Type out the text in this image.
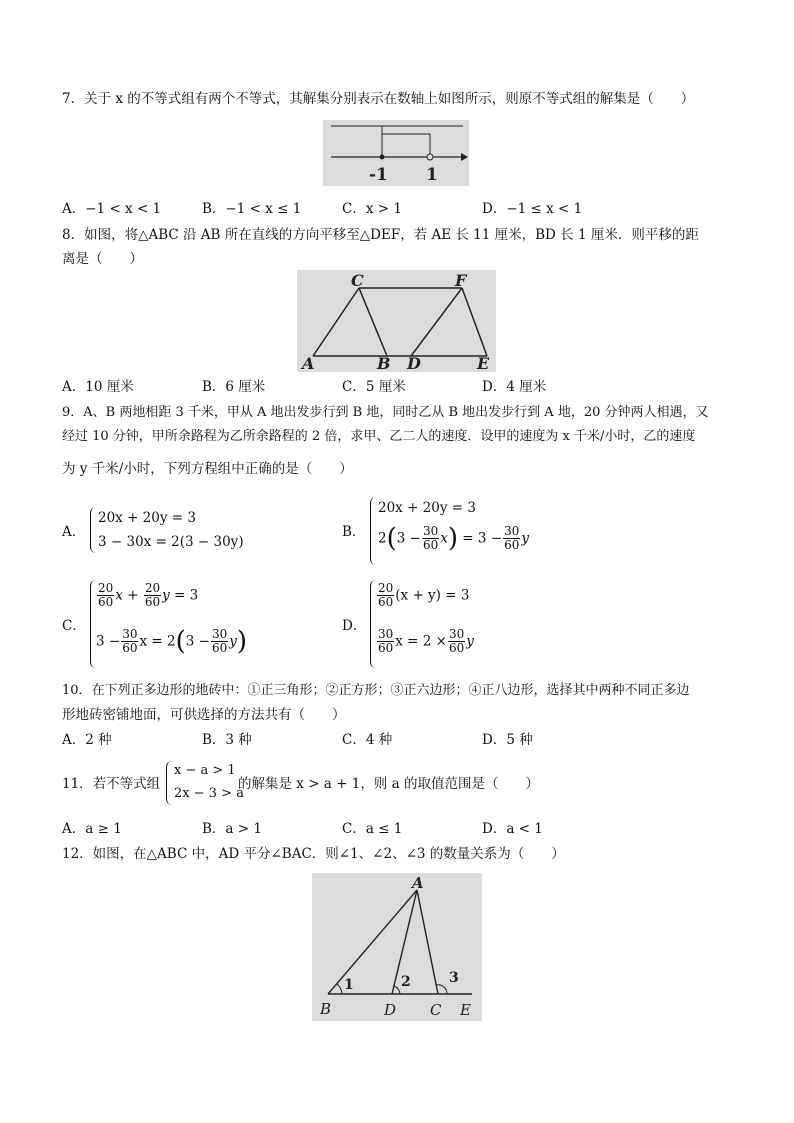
7．关于 x 的不等式组有两个不等式，其解集分别表示在数轴上如图所示，则原不等式组的解集是（　　）
-1 1
A．−1 < x < 1	B．−1 < x ≤ 1	C．x > 1	D．−1 ≤ x < 1
8．如图，将△ABC 沿 AB 所在直线的方向平移至△DEF，若 AE 长 11 厘米，BD 长 1 厘米．则平移的距
离是（　　）
C	F
A	B D	E
A．10 厘米	B．6 厘米	C．5 厘米	D．4 厘米
9．A、B 两地相距 3 千米，甲从 A 地出发步行到 B 地，同时乙从 B 地出发步行到 A 地，20 分钟两人相遇，又
经过 10 分钟，甲所余路程为乙所余路程的 2 倍，求甲、乙二人的速度．设甲的速度为 x 千米/小时，乙的速度
为 y 千米/小时，下列方程组中正确的是（　　）
A．
20x + 20y = 3
3 − 30x = 2(3 − 30y)
B．
20x + 20y = 3
$2(3 - \frac{30}{60} x) = 3 - \frac{30}{60}$ y
C．
$\frac{20}{60}$ $x + \frac{20}{60}$ y = 3
$3 - \frac{30}{60}$ $x = 2(3 - \frac{30}{60} y)$
D．
$\frac{20}{60} (x + y) = 3$
$\frac{30}{60}$ $x = 2 \times \frac{30}{60}$ y
10．在下列正多边形的地砖中：①正三角形；②正方形；③正六边形；④正八边形，选择其中两种不同正多边
形地砖密铺地面，可供选择的方法共有（　　）
A．2 种	B．3 种	C．4 种	D．5 种
11．若不等式组
x − a > 1
2x − 3 > a
的解集是 x > a + 1，则 a 的取值范围是（　　）
A．a ≥ 1	B．a > 1	C．a ≤ 1	D．a < 1
12．如图，在△ABC 中，AD 平分∠BAC．则∠1、∠2、∠3 的数量关系为（　　）
A
B	D C E
1	2	3
